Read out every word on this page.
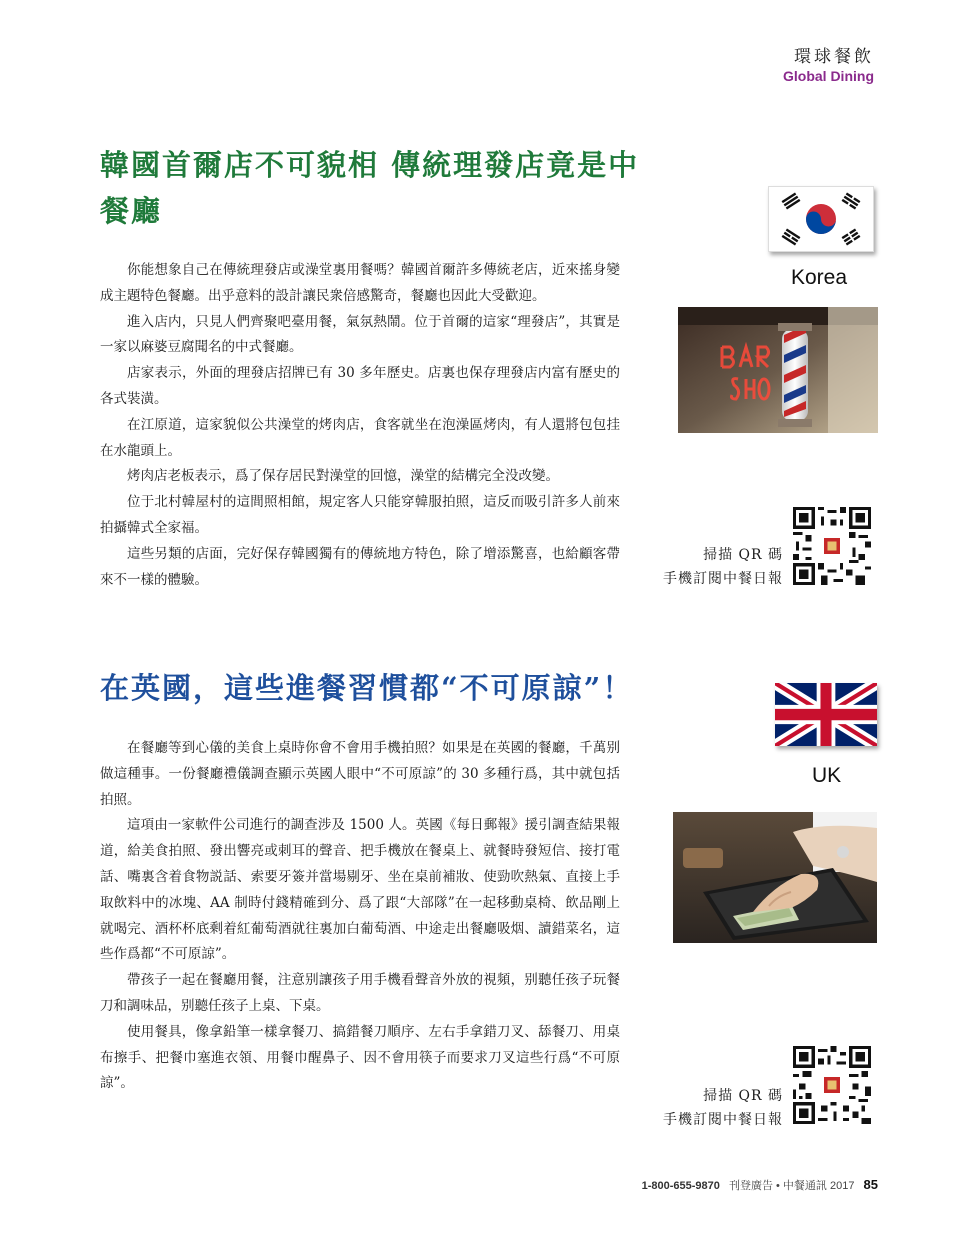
環球餐飲
Global Dining
韓國首爾店不可貌相 傳統理發店竟是中餐廳

你能想象自己在傳統理發店或澡堂裏用餐嗎？韓國首爾許多傳統老店，近來搖身變成主題特色餐廳。出乎意料的設計讓民衆倍感驚奇，餐廳也因此大受歡迎。

進入店内，只見人們齊聚吧臺用餐，氣氛熱鬧。位于首爾的這家“理發店”，其實是一家以麻婆豆腐聞名的中式餐廳。

店家表示，外面的理發店招牌已有 30 多年歷史。店裏也保存理發店内富有歷史的各式裝潢。

在江原道，這家貌似公共澡堂的烤肉店，食客就坐在泡澡區烤肉，有人還將包包挂在水龍頭上。

烤肉店老板表示，爲了保存居民對澡堂的回憶，澡堂的結構完全没改變。

位于北村韓屋村的這間照相館，規定客人只能穿韓服拍照，這反而吸引許多人前來拍攝韓式全家福。

這些另類的店面，完好保存韓國獨有的傳統地方特色，除了增添驚喜，也給顧客帶來不一樣的體驗。

Korea
掃描 QR 碼
手機訂閱中餐日報
在英國，這些進餐習慣都“不可原諒”！

在餐廳等到心儀的美食上桌時你會不會用手機拍照？如果是在英國的餐廳，千萬别做這種事。一份餐廳禮儀調查顯示英國人眼中“不可原諒”的 30 多種行爲，其中就包括拍照。

這項由一家軟件公司進行的調查涉及 1500 人。英國《每日郵報》援引調查結果報道，給美食拍照、發出響亮或刺耳的聲音、把手機放在餐桌上、就餐時發短信、接打電話、嘴裏含着食物説話、索要牙簽并當場剔牙、坐在桌前補妝、使勁吹熱氣、直接上手取飲料中的冰塊、AA 制時付錢精確到分、爲了跟“大部隊”在一起移動桌椅、飲品剛上就喝完、酒杯杯底剩着紅葡萄酒就往裏加白葡萄酒、中途走出餐廳吸烟、讀錯菜名，這些作爲都“不可原諒”。

帶孩子一起在餐廳用餐，注意别讓孩子用手機看聲音外放的視頻，别聽任孩子玩餐刀和調味品，别聽任孩子上桌、下桌。

使用餐具，像拿鉛筆一樣拿餐刀、搞錯餐刀順序、左右手拿錯刀叉、舔餐刀、用桌布擦手、把餐巾塞進衣領、用餐巾醒鼻子、因不會用筷子而要求刀叉這些行爲“不可原諒”。

UK
掃描 QR 碼
手機訂閱中餐日報
1-800-655-9870 刊登廣告 • 中餐通訊 2017 85
